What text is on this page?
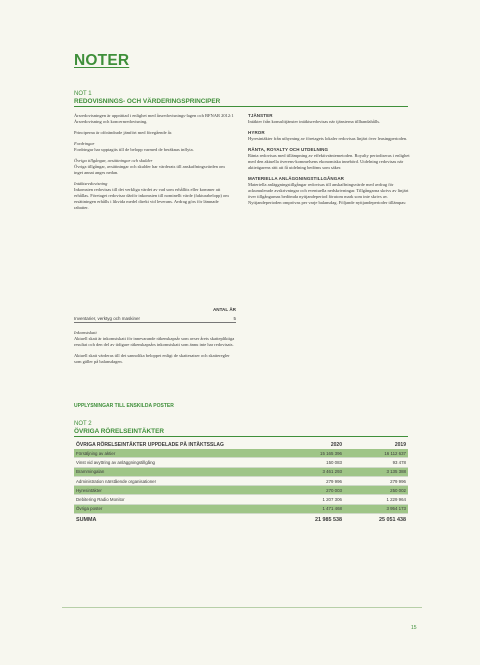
NOTER
NOT 1
REDOVISNINGS- OCH VÄRDERINGSPRINCIPER

Årsredovisningen är upprättad i enlighet med årsredovisnings-lagen och BFNAR 2012:1 Årsredovisning och koncernredovisning.

Principerna är oförändrade jämfört med föregående år.

Fordringar

Fordringar har upptagits till de belopp varmed de beräknas inflyta.

Övriga tillgångar, avsättningar och skulder

Övriga tillgångar, avsättningar och skulder har värderats till anskaffningsvärden om inget annat anges nedan.

Intäktsredovisning

Inkomsten redovisas till det verkliga värdet av vad som erhållits eller kommer att erhållas. Företaget redovisar därför inkomsten till nominellt värde (fakturabelopp) om ersättningen erhålls i likvida medel direkt vid leverans. Avdrag görs för lämnade rabatter.

TJÄNSTER

Intäkter från konsulttjänster intäktsredovisas när tjänsterna tillhandahålls.

HYROR

Hyresintäkter från uthyrning av företagets lokaler redovisas linjärt över leasingperioden.

RÄNTA, ROYALTY OCH UTDELNING

Ränta redovisas med tillämpning av effektivräntemetoden. Royalty periodiseras i enlighet med den aktuella överens-kommelsens ekonomiska innebörd. Utdelning redovisas när aktieägarens rätt att få utdelning bedöms som säker.

MATERIELLA ANLÄGGNINGSTILLGÅNGAR

Materiella anläggningstillgångar redovisas till anskaffningsvärde med avdrag för ackumulerade avskrivningar och eventuella nedskrivningar. Tillgångarna skrivs av linjärt över tillgångarnas bedömda nyttjandeperiod förutom mark som inte skrivs av. Nyttjandeperioden omprövas per varje balansdag. Följande nyttjandeperioder tillämpas:

ANTAL ÅR
Inventarier, verktyg och maskiner	5
Inkomstskatt

Aktuell skatt är inkomstskatt för innevarande räkenskapsår som avser årets skattepliktiga resultat och den del av tidigare räkenskapsårs inkomstskatt som ännu inte har redovisats.

Aktuell skatt värderas till det sannolika beloppet enligt de skattesatser och skatteregler som gäller på balansdagen.

UPPLYSNINGAR TILL ENSKILDA POSTER
NOT 2
ÖVRIGA RÖRELSEINTÄKTER
ÖVRIGA RÖRELSEINTÄKTER UPPDELADE PÅ INTÄKTSSLAG	2020	2019
Försäljning av aktier	15 165 396	16 112 637
Vinst vid avyttring av anläggningstillgång	150 083	93 478
Brammingalan	3 461 293	3 135 388
Administration närstående organisationer	279 996	279 996
Hyresintäkter	270 003	250 002
Debitering Radio Monitor	1 207 306	1 229 964
Övriga poster	1 471 468	3 954 173
SUMMA	21 985 538	25 051 438
15
